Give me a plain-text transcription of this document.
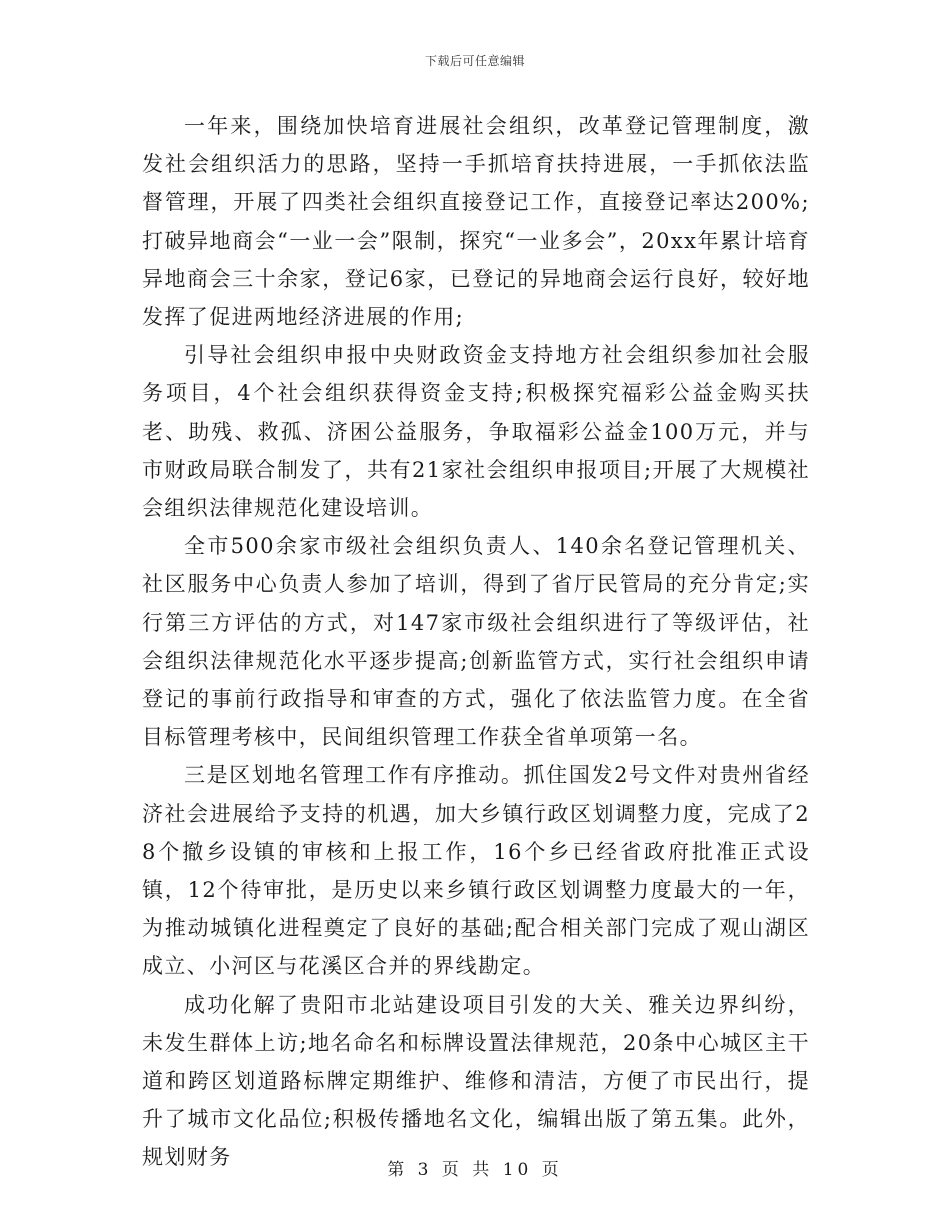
下载后可任意编辑

一年来，围绕加快培育进展社会组织，改革登记管理制度，激发社会组织活力的思路，坚持一手抓培育扶持进展，一手抓依法监督管理，开展了四类社会组织直接登记工作，直接登记率达200%;打破异地商会“一业一会”限制，探究“一业多会”，20xx年累计培育异地商会三十余家，登记6家，已登记的异地商会运行良好，较好地发挥了促进两地经济进展的作用;

引导社会组织申报中央财政资金支持地方社会组织参加社会服务项目，4个社会组织获得资金支持;积极探究福彩公益金购买扶老、助残、救孤、济困公益服务，争取福彩公益金100万元，并与市财政局联合制发了，共有21家社会组织申报项目;开展了大规模社会组织法律规范化建设培训。

全市500余家市级社会组织负责人、140余名登记管理机关、社区服务中心负责人参加了培训，得到了省厅民管局的充分肯定;实行第三方评估的方式，对147家市级社会组织进行了等级评估，社会组织法律规范化水平逐步提高;创新监管方式，实行社会组织申请登记的事前行政指导和审查的方式，强化了依法监管力度。在全省目标管理考核中，民间组织管理工作获全省单项第一名。

三是区划地名管理工作有序推动。抓住国发2号文件对贵州省经济社会进展给予支持的机遇，加大乡镇行政区划调整力度，完成了28个撤乡设镇的审核和上报工作，16个乡已经省政府批准正式设镇，12个待审批，是历史以来乡镇行政区划调整力度最大的一年，为推动城镇化进程奠定了良好的基础;配合相关部门完成了观山湖区成立、小河区与花溪区合并的界线勘定。

成功化解了贵阳市北站建设项目引发的大关、雅关边界纠纷，未发生群体上访;地名命名和标牌设置法律规范，20条中心城区主干道和跨区划道路标牌定期维护、维修和清洁，方便了市民出行，提升了城市文化品位;积极传播地名文化，编辑出版了第五集。此外，规划财务

第 3 页 共 10 页
